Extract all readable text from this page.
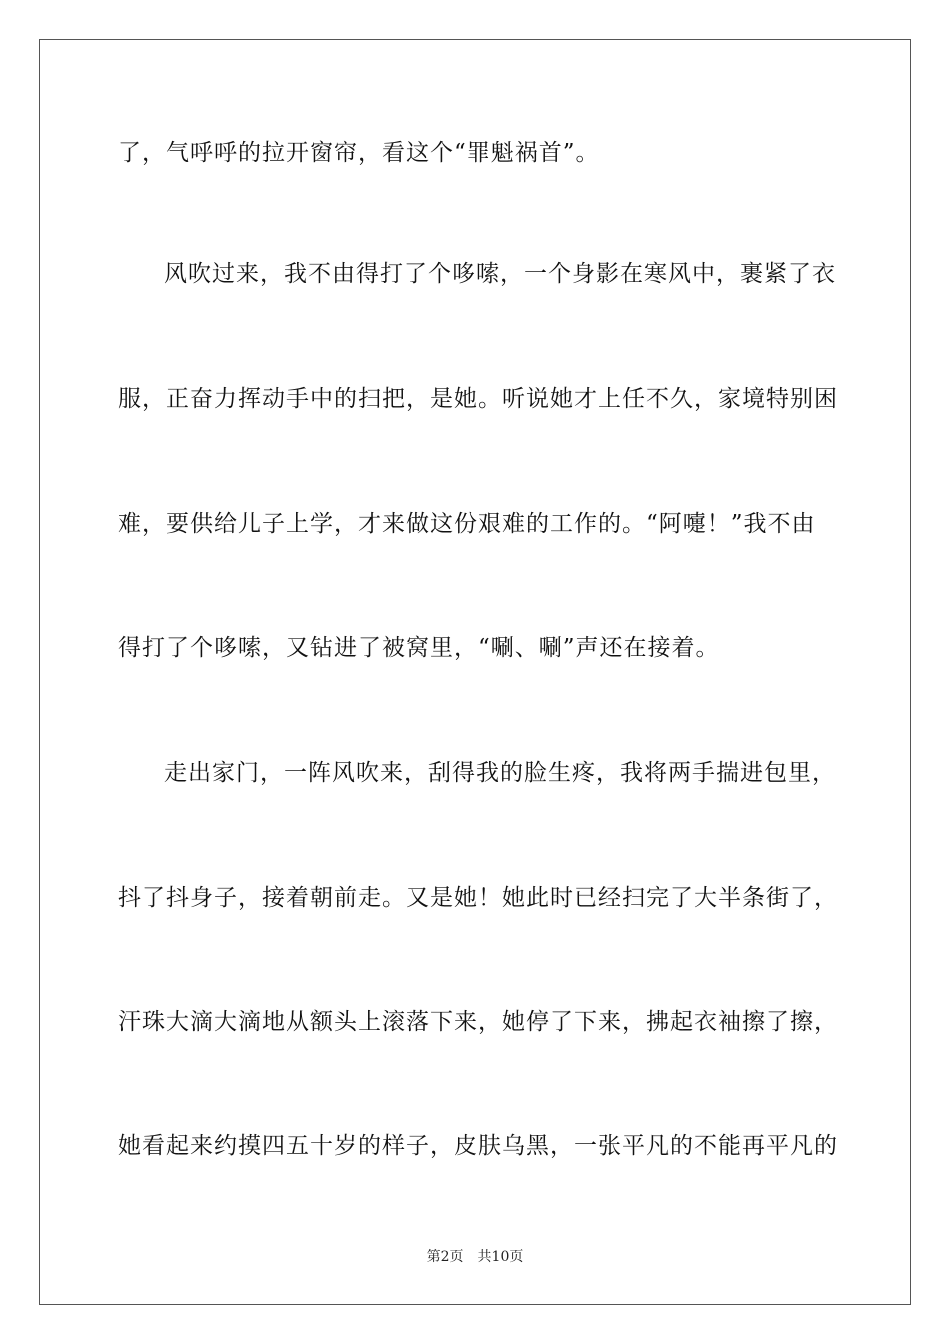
了，气呼呼的拉开窗帘，看这个“罪魁祸首”。
风吹过来，我不由得打了个哆嗦，一个身影在寒风中，裹紧了衣
服，正奋力挥动手中的扫把，是她。听说她才上任不久，家境特别困
难，要供给儿子上学，才来做这份艰难的工作的。“阿嚏！”我不由
得打了个哆嗦，又钻进了被窝里，“唰、唰”声还在接着。
走出家门，一阵风吹来，刮得我的脸生疼，我将两手揣进包里，
抖了抖身子，接着朝前走。又是她！她此时已经扫完了大半条街了，
汗珠大滴大滴地从额头上滚落下来，她停了下来，拂起衣袖擦了擦，
她看起来约摸四五十岁的样子，皮肤乌黑，一张平凡的不能再平凡的
第2页 共10页
